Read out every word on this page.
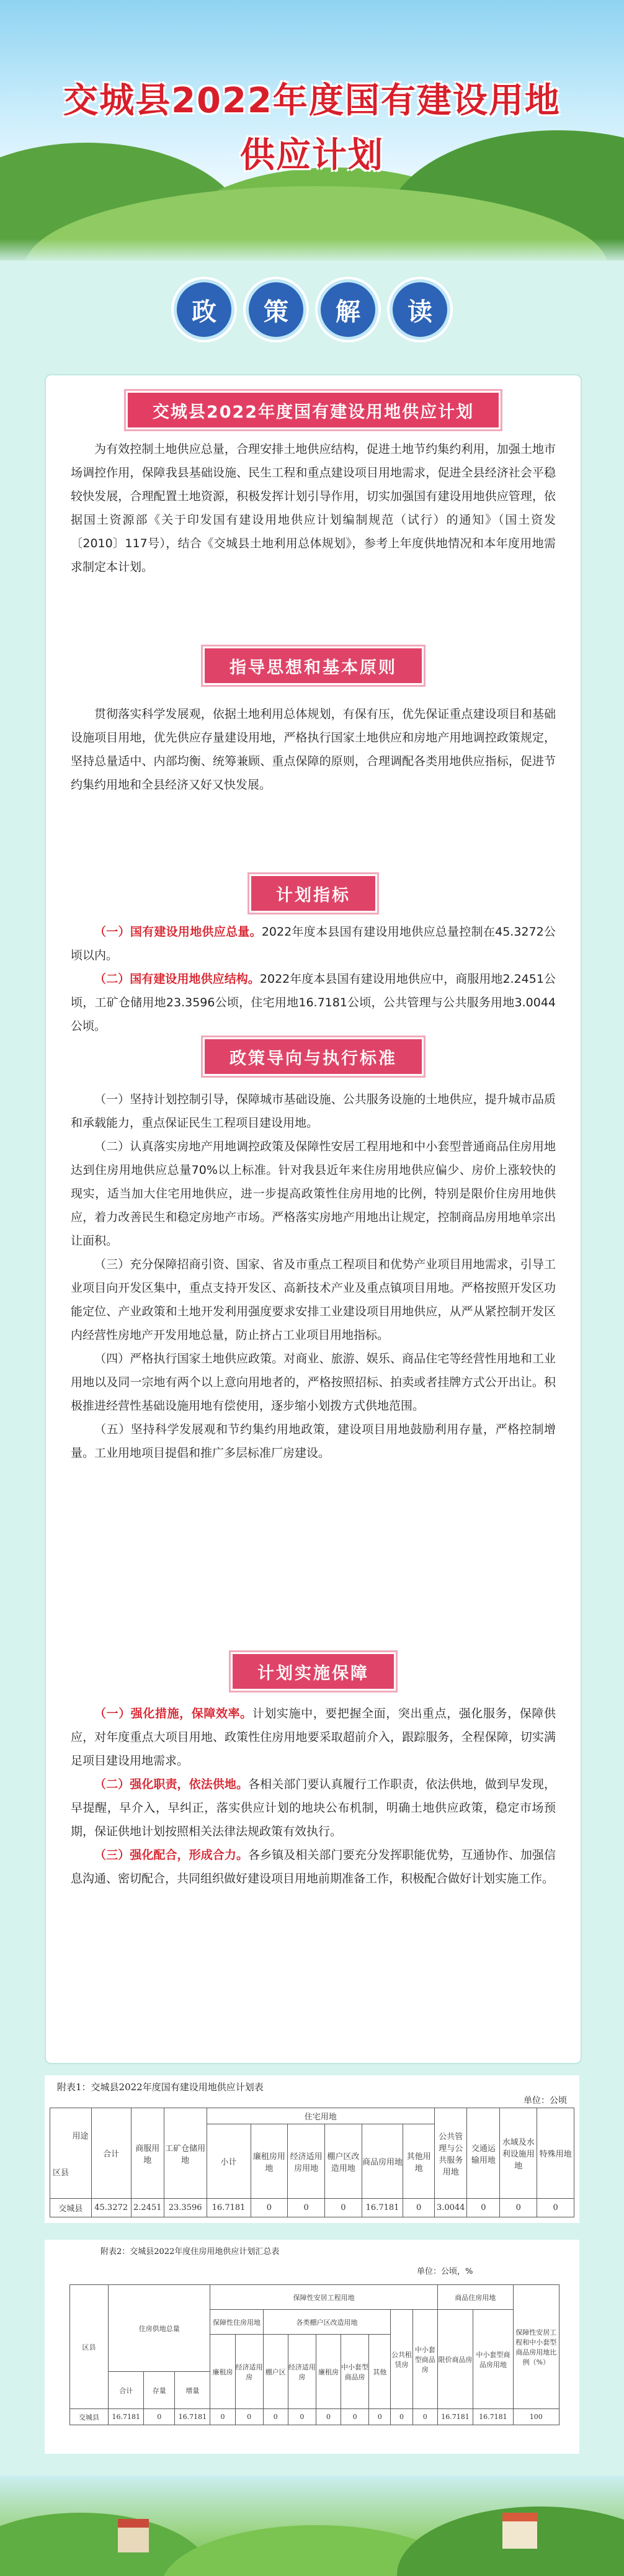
交城县2022年度国有建设用地
供应计划
政	策	解	读
交城县2022年度国有建设用地供应计划

为有效控制土地供应总量，合理安排土地供应结构，促进土地节约集约利用，加强土地市场调控作用，保障我县基础设施、民生工程和重点建设项目用地需求，促进全县经济社会平稳较快发展，合理配置土地资源，积极发挥计划引导作用，切实加强国有建设用地供应管理，依据国土资源部《关于印发国有建设用地供应计划编制规范（试行）的通知》（国土资发〔2010〕117号），结合《交城县土地利用总体规划》，参考上年度供地情况和本年度用地需求制定本计划。

指导思想和基本原则

贯彻落实科学发展观，依据土地利用总体规划，有保有压，优先保证重点建设项目和基础设施项目用地，优先供应存量建设用地，严格执行国家土地供应和房地产用地调控政策规定，坚持总量适中、内部均衡、统筹兼顾、重点保障的原则，合理调配各类用地供应指标，促进节约集约用地和全县经济又好又快发展。

计划指标

（一）国有建设用地供应总量。2022年度本县国有建设用地供应总量控制在45.3272公顷以内。

（二）国有建设用地供应结构。2022年度本县国有建设用地供应中，商服用地2.2451公顷，工矿仓储用地23.3596公顷，住宅用地16.7181公顷，公共管理与公共服务用地3.0044公顷。

政策导向与执行标准

（一）坚持计划控制引导，保障城市基础设施、公共服务设施的土地供应，提升城市品质和承载能力，重点保证民生工程项目建设用地。

（二）认真落实房地产用地调控政策及保障性安居工程用地和中小套型普通商品住房用地达到住房用地供应总量70%以上标准。针对我县近年来住房用地供应偏少、房价上涨较快的现实，适当加大住宅用地供应，进一步提高政策性住房用地的比例，特别是限价住房用地供应，着力改善民生和稳定房地产市场。严格落实房地产用地出让规定，控制商品房用地单宗出让面积。

（三）充分保障招商引资、国家、省及市重点工程项目和优势产业项目用地需求，引导工业项目向开发区集中，重点支持开发区、高新技术产业及重点镇项目用地。严格按照开发区功能定位、产业政策和土地开发利用强度要求安排工业建设项目用地供应，从严从紧控制开发区内经营性房地产开发用地总量，防止挤占工业项目用地指标。

（四）严格执行国家土地供应政策。对商业、旅游、娱乐、商品住宅等经营性用地和工业用地以及同一宗地有两个以上意向用地者的，严格按照招标、拍卖或者挂牌方式公开出让。积极推进经营性基础设施用地有偿使用，逐步缩小划拨方式供地范围。

（五）坚持科学发展观和节约集约用地政策，建设项目用地鼓励利用存量，严格控制增量。工业用地项目提倡和推广多层标准厂房建设。

计划实施保障

（一）强化措施，保障效率。计划实施中，要把握全面，突出重点，强化服务，保障供应，对年度重点大项目用地、政策性住房用地要采取超前介入，跟踪服务，全程保障，切实满足项目建设用地需求。

（二）强化职责，依法供地。各相关部门要认真履行工作职责，依法供地，做到早发现，早提醒，早介入，早纠正，落实供应计划的地块公布机制，明确土地供应政策，稳定市场预期，保证供地计划按照相关法律法规政策有效执行。

（三）强化配合，形成合力。各乡镇及相关部门要充分发挥职能优势，互通协作、加强信息沟通、密切配合，共同组织做好建设项目用地前期准备工作，积极配合做好计划实施工作。

附表1：交城县2022年度国有建设用地供应计划表
单位：公顷
用途
区县	合计	商服用地	工矿仓储用地	住宅用地						公共管理与公共服务用地	交通运输用地	水域及水利设施用地	特殊用地
				小计	廉租房用地	经济适用房用地	棚户区改造用地	商品房用地	其他用地				
交城县	45.3272	2.2451	23.3596	16.7181	0	0	0	16.7181	0	3.0044	0	0	0
附表2：交城县2022年度住房用地供应计划汇总表
单位：公顷，%
区县	住房供地总量			保障性安居工程用地									商品住房用地		保障性安居工程和中小套型商品房用地比例（%）
				保障性住房用地		各类棚户区改造用地					公共租赁房	中小套型商品房	限价商品房	中小套型商品房用地	
				廉租房	经济适用房	棚户区	经济适用房	廉租房	中小套型商品房	其他					
	合计	存量	增量												
交城县	16.7181	0	16.7181	0	0	0	0	0	0	0	0	0	16.7181	16.7181	100
